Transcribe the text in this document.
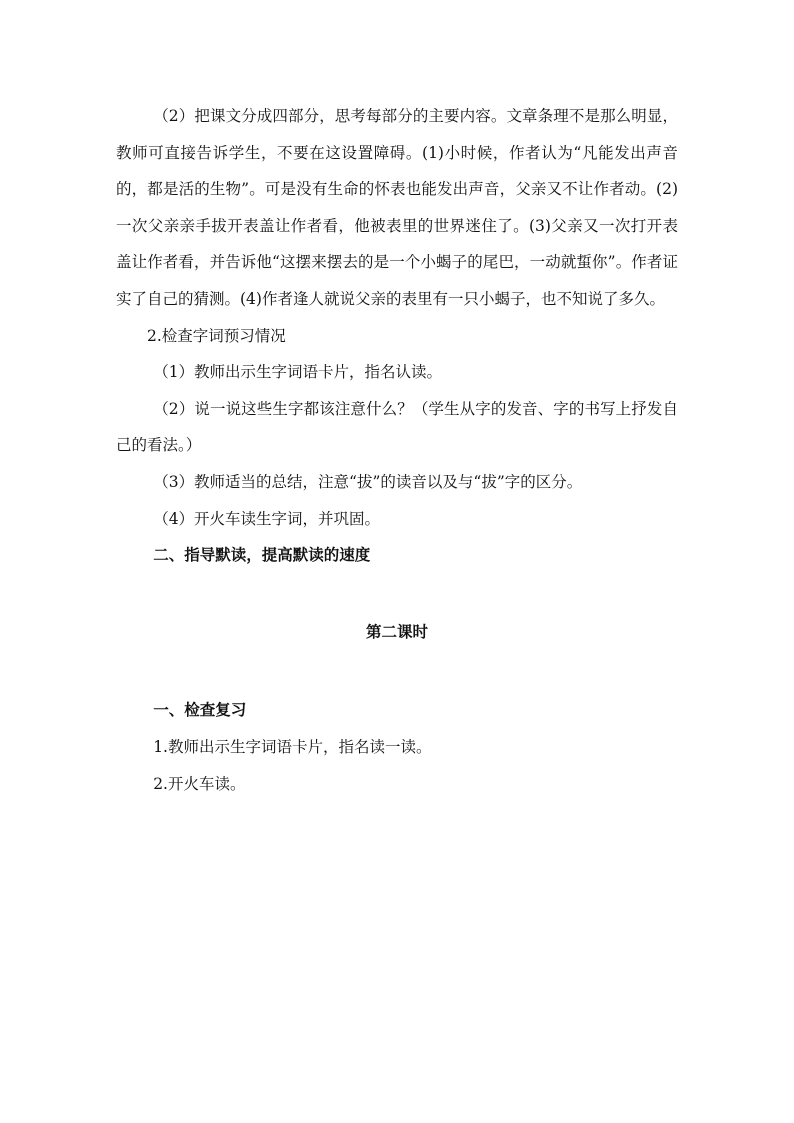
（2）把课文分成四部分，思考每部分的主要内容。文章条理不是那么明显，教师可直接告诉学生，不要在这设置障碍。(1)小时候，作者认为“凡能发出声音的，都是活的生物”。可是没有生命的怀表也能发出声音，父亲又不让作者动。(2)一次父亲亲手拔开表盖让作者看，他被表里的世界迷住了。(3)父亲又一次打开表盖让作者看，并告诉他“这摆来摆去的是一个小蝎子的尾巴，一动就蜇你”。作者证实了自己的猜测。(4)作者逢人就说父亲的表里有一只小蝎子，也不知说了多久。

2.检查字词预习情况

（1）教师出示生字词语卡片，指名认读。

（2）说一说这些生字都该注意什么？（学生从字的发音、字的书写上抒发自己的看法。）

（3）教师适当的总结，注意“拔”的读音以及与“拔”字的区分。

（4）开火车读生字词，并巩固。

二、指导默读，提高默读的速度

第二课时

一、检查复习

1.教师出示生字词语卡片，指名读一读。

2.开火车读。
